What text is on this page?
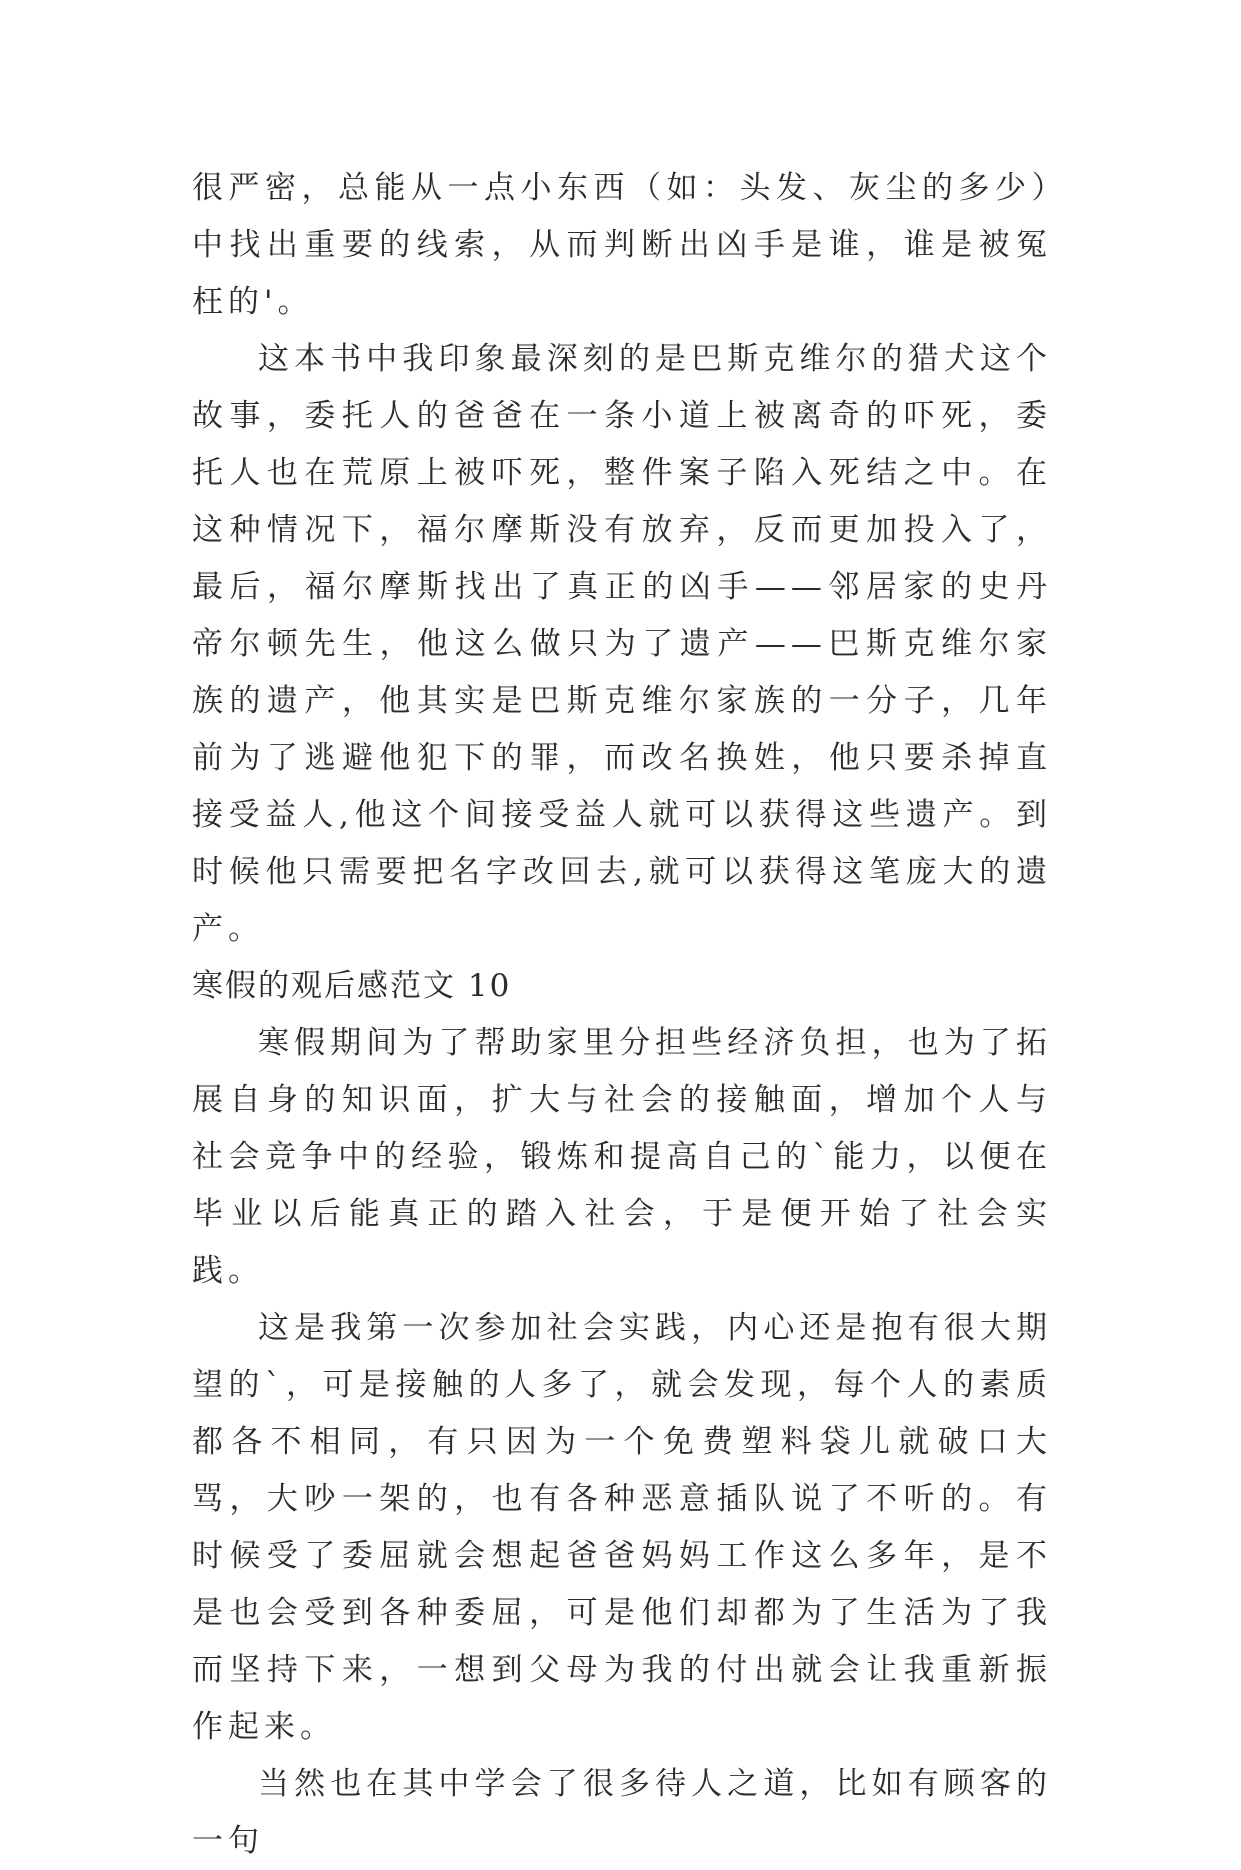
很严密，总能从一点小东西（如：头发、灰尘的多少）中找出重要的线索，从而判断出凶手是谁，谁是被冤枉的'。

这本书中我印象最深刻的是巴斯克维尔的猎犬这个故事，委托人的爸爸在一条小道上被离奇的吓死，委托人也在荒原上被吓死，整件案子陷入死结之中。在这种情况下，福尔摩斯没有放弃，反而更加投入了，最后，福尔摩斯找出了真正的凶手——邻居家的史丹帝尔顿先生，他这么做只为了遗产——巴斯克维尔家族的遗产，他其实是巴斯克维尔家族的一分子，几年前为了逃避他犯下的罪，而改名换姓，他只要杀掉直接受益人,他这个间接受益人就可以获得这些遗产。到时候他只需要把名字改回去,就可以获得这笔庞大的遗产。

寒假的观后感范文 10

寒假期间为了帮助家里分担些经济负担，也为了拓展自身的知识面，扩大与社会的接触面，增加个人与社会竞争中的经验，锻炼和提高自己的`能力，以便在毕业以后能真正的踏入社会，于是便开始了社会实践。

这是我第一次参加社会实践，内心还是抱有很大期望的`，可是接触的人多了，就会发现，每个人的素质都各不相同，有只因为一个免费塑料袋儿就破口大骂，大吵一架的，也有各种恶意插队说了不听的。有时候受了委屈就会想起爸爸妈妈工作这么多年，是不是也会受到各种委屈，可是他们却都为了生活为了我而坚持下来，一想到父母为我的付出就会让我重新振作起来。

当然也在其中学会了很多待人之道，比如有顾客的一句
